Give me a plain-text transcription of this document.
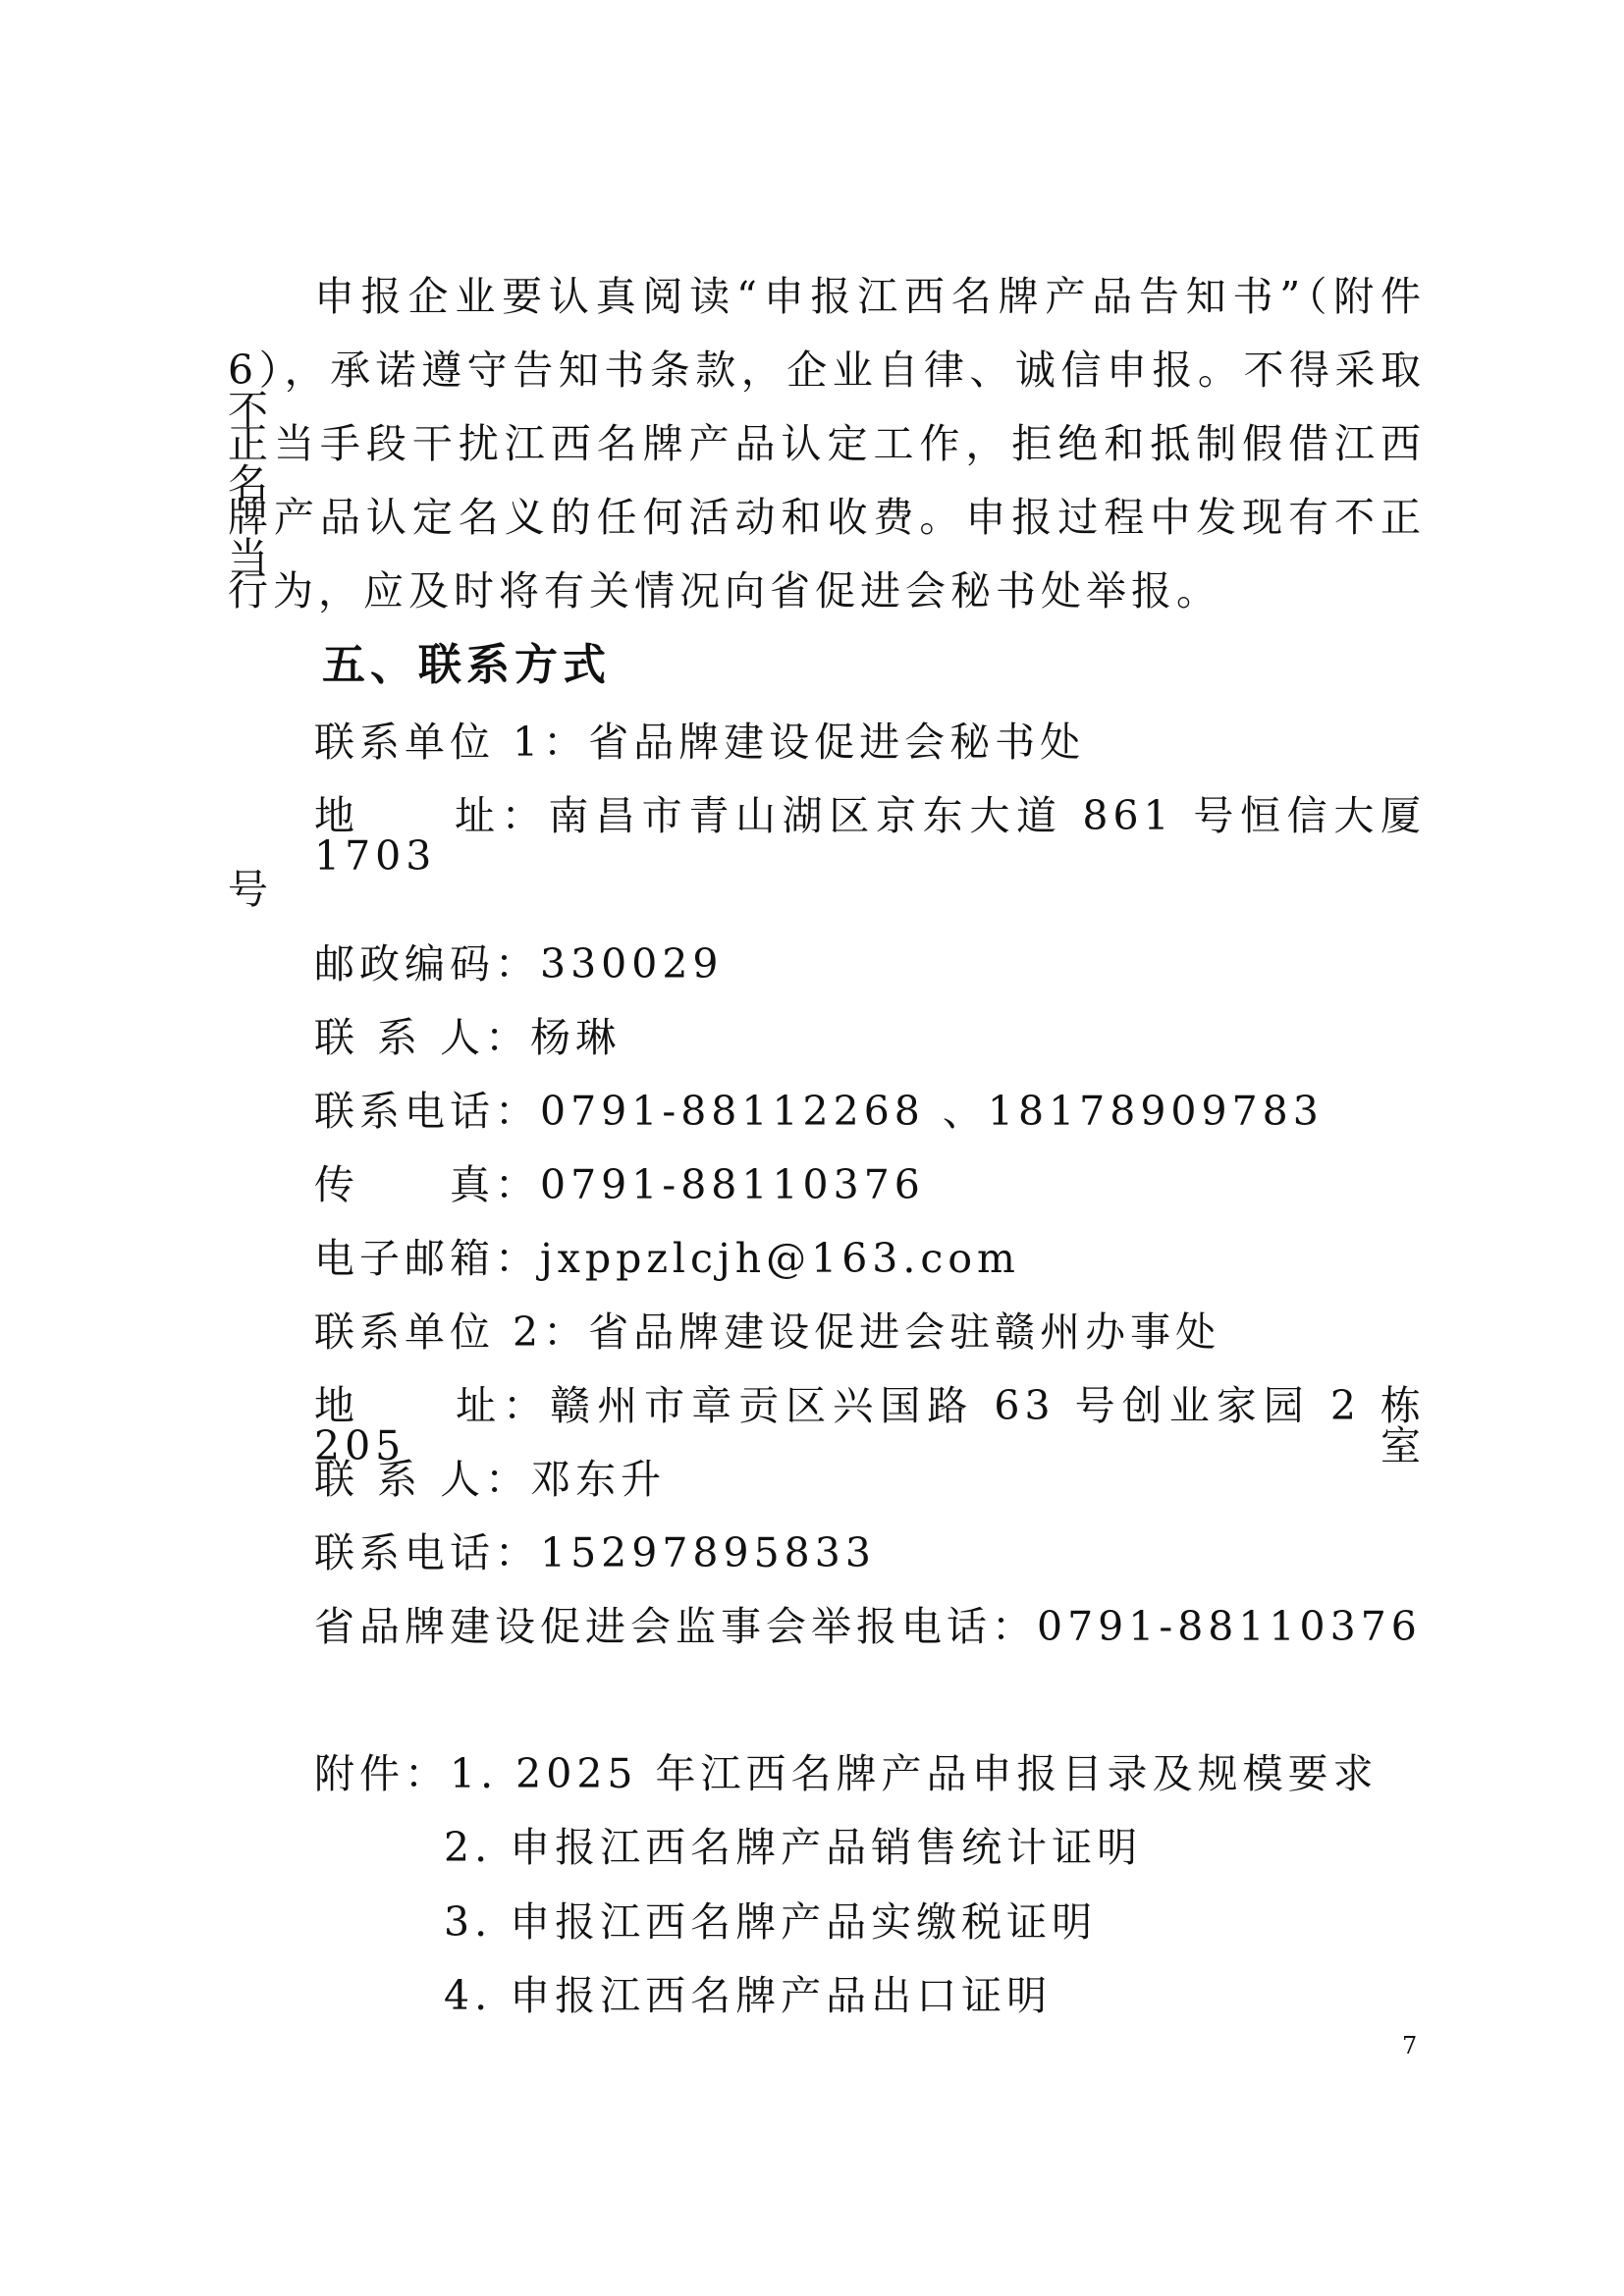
申报企业要认真阅读“申报江西名牌产品告知书”（附件
6），承诺遵守告知书条款，企业自律、诚信申报。不得采取不
正当手段干扰江西名牌产品认定工作，拒绝和抵制假借江西名
牌产品认定名义的任何活动和收费。申报过程中发现有不正当
行为，应及时将有关情况向省促进会秘书处举报。
五、联系方式
联系单位 1：省品牌建设促进会秘书处
地　　址：南昌市青山湖区京东大道 861 号恒信大厦 1703
号
邮政编码：330029
联 系 人：杨琳
联系电话：0791-88112268 、18178909783
传　　真：0791-88110376
电子邮箱：jxppzlcjh@163.com
联系单位 2：省品牌建设促进会驻赣州办事处
地　　址：赣州市章贡区兴国路 63 号创业家园 2 栋 205 室
联 系 人：邓东升
联系电话：15297895833
省品牌建设促进会监事会举报电话：0791-88110376
附件：1. 2025 年江西名牌产品申报目录及规模要求
2. 申报江西名牌产品销售统计证明
3. 申报江西名牌产品实缴税证明
4. 申报江西名牌产品出口证明
7
